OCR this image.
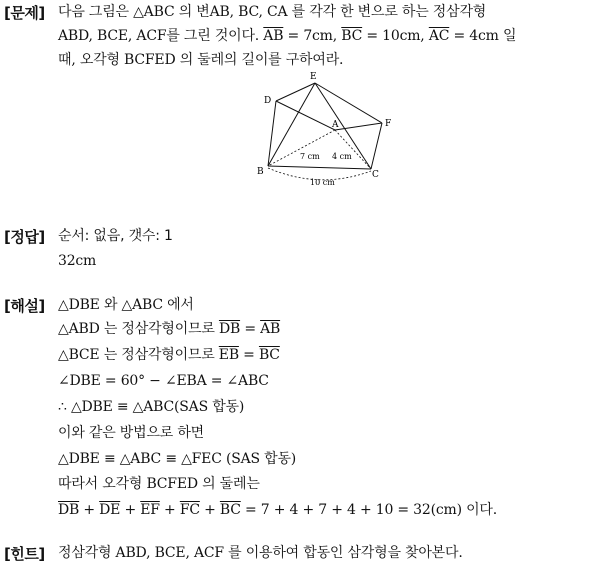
[문제] 다음 그림은 △ABC 의 변AB, BC, CA 를 각각 한 변으로 하는 정삼각형
ABD, BCE, ACF를 그린 것이다. $\overline{AB} = 7cm$, $\overline{BC} = 10cm$, $\overline{AC} = 4cm$ 일
때, 오각형 BCFED 의 둘레의 길이를 구하여라.
E
D
A	F
B	C
7 cm 4 cm
10 cm
[정답] 순서: 없음, 갯수: 1
32cm
[해설] △DBE 와 △ABC 에서
△ABD 는 정삼각형이므로 $\overline{DB} = \overline{AB}$
△BCE 는 정삼각형이므로 $\overline{EB} = \overline{BC}$
∠DBE = 60° − ∠EBA = ∠ABC
∴ △DBE ≡ △ABC(SAS 합동)
이와 같은 방법으로 하면
△DBE ≡ △ABC ≡ △FEC (SAS 합동)
따라서 오각형 BCFED 의 둘레는
$\overline{DB} + \overline{DE} + \overline{EF} + \overline{FC} + \overline{BC} = 7 + 4 + 7 + 4 + 10 = 32(cm)$ 이다.
[힌트] 정삼각형 ABD, BCE, ACF 를 이용하여 합동인 삼각형을 찾아본다.
